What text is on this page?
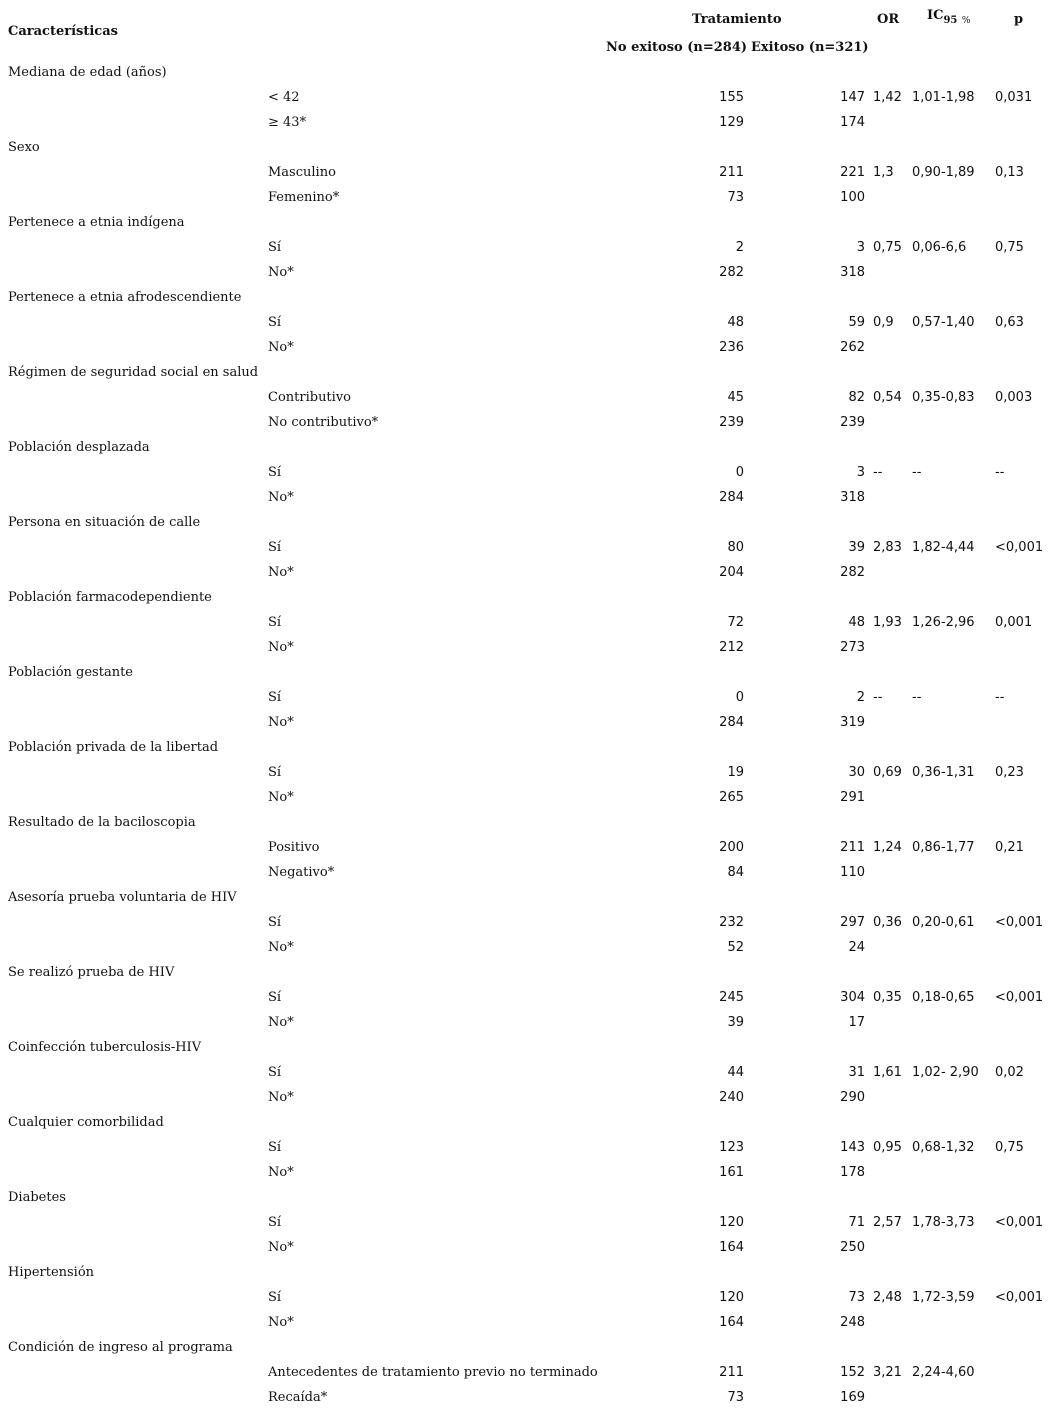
Características
Tratamiento
No exitoso (n=284) Exitoso (n=321)
OR $IC_{95}$ $_{\%}$	p
Mediana de edad (años)
< 42	155	147 1,42 1,01-1,98 0,031
≥ 43*	129	174
Sexo
Masculino	211	221 1,3 0,90-1,89 0,13
Femenino*	73	100
Pertenece a etnia indígena
Sí	2	3 0,75 0,06-6,6 0,75
No*	282	318
Pertenece a etnia afrodescendiente
Sí	48	59 0,9 0,57-1,40 0,63
No*	236	262
Régimen de seguridad social en salud
Contributivo	45	82 0,54 0,35-0,83 0,003
No contributivo*	239	239
Población desplazada
Sí	0	3 -- --	--
No*	284	318
Persona en situación de calle
Sí	80	39 2,83 1,82-4,44 <0,001
No*	204	282
Población farmacodependiente
Sí	72	48 1,93 1,26-2,96 0,001
No*	212	273
Población gestante
Sí	0	2 -- --	--
No*	284	319
Población privada de la libertad
Sí	19	30 0,69 0,36-1,31 0,23
No*	265	291
Resultado de la baciloscopia
Positivo	200	211 1,24 0,86-1,77 0,21
Negativo*	84	110
Asesoría prueba voluntaria de HIV
Sí	232	297 0,36 0,20-0,61 <0,001
No*	52	24
Se realizó prueba de HIV
Sí	245	304 0,35 0,18-0,65 <0,001
No*	39	17
Coinfección tuberculosis-HIV
Sí	44	31 1,61 1,02- 2,90 0,02
No*	240	290
Cualquier comorbilidad
Sí	123	143 0,95 0,68-1,32 0,75
No*	161	178
Diabetes
Sí	120	71 2,57 1,78-3,73 <0,001
No*	164	250
Hipertensión
Sí	120	73 2,48 1,72-3,59 <0,001
No*	164	248
Condición de ingreso al programa
Antecedentes de tratamiento previo no terminado	211	152 3,21 2,24-4,60
Recaída*	73	169
